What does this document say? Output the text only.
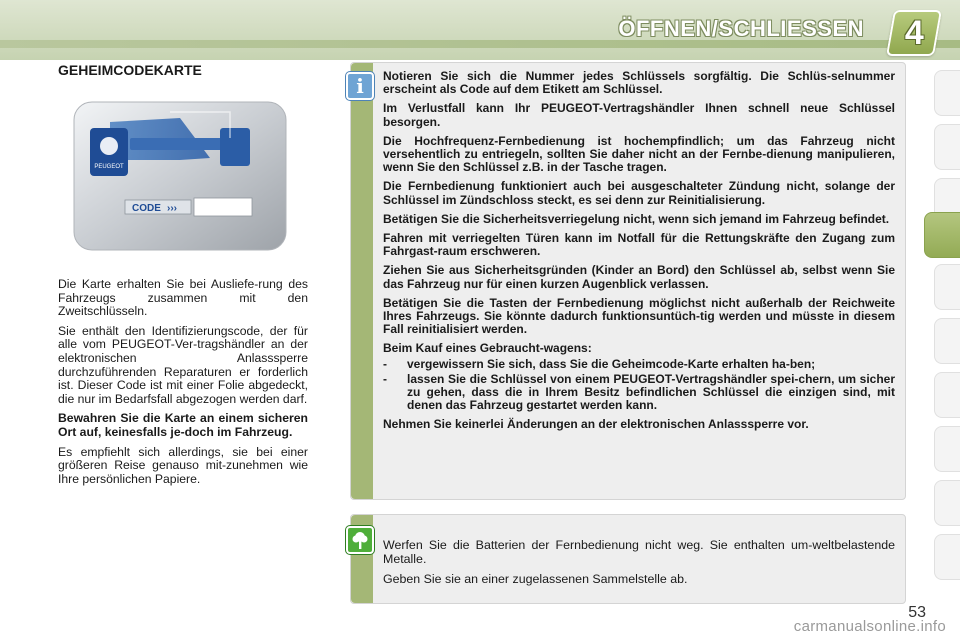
ÖFFNEN/SCHLIESSEN 4
GEHEIMCODEKARTE
PEUGEOT
CODE ›››

Die Karte erhalten Sie bei Ausliefe-rung des Fahrzeugs zusammen mit den Zweitschlüsseln.

Sie enthält den Identifizierungscode, der für alle vom PEUGEOT-Ver-tragshändler an der elektronischen Anlasssperre durchzuführenden Reparaturen er forderlich ist. Dieser Code ist mit einer Folie abgedeckt, die nur im Bedarfsfall abgezogen werden darf.

Bewahren Sie die Karte an einem sicheren Ort auf, keinesfalls je-doch im Fahrzeug.

Es empfiehlt sich allerdings, sie bei einer größeren Reise genauso mit-zunehmen wie Ihre persönlichen Papiere.

i	Notieren Sie sich die Nummer jedes Schlüssels sorgfältig. Die Schlüs-selnummer erscheint als Code auf dem Etikett am Schlüssel.

Im Verlustfall kann Ihr PEUGEOT-Vertragshändler Ihnen schnell neue Schlüssel besorgen.

Die Hochfrequenz-Fernbedienung ist hochempfindlich; um das Fahrzeug nicht versehentlich zu entriegeln, sollten Sie daher nicht an der Fernbe-dienung manipulieren, wenn Sie den Schlüssel z.B. in der Tasche tragen.

Die Fernbedienung funktioniert auch bei ausgeschalteter Zündung nicht, solange der Schlüssel im Zündschloss steckt, es sei denn zur Reinitialisierung.

Betätigen Sie die Sicherheitsverriegelung nicht, wenn sich jemand im Fahrzeug befindet.

Fahren mit verriegelten Türen kann im Notfall für die Rettungskräfte den Zugang zum Fahrgast-raum erschweren.

Ziehen Sie aus Sicherheitsgründen (Kinder an Bord) den Schlüssel ab, selbst wenn Sie das Fahrzeug nur für einen kurzen Augenblick verlassen.

Betätigen Sie die Tasten der Fernbedienung möglichst nicht außerhalb der Reichweite Ihres Fahrzeugs. Sie könnte dadurch funktionsuntüch-tig werden und müsste in diesem Fall reinitialisiert werden.

Beim Kauf eines Gebraucht-wagens:

- vergewissern Sie sich, dass Sie die Geheimcode-Karte erhalten ha-ben;
- lassen Sie die Schlüssel von einem PEUGEOT-Vertragshändler spei-chern, um sicher zu gehen, dass die in Ihrem Besitz befindlichen Schlüssel die einzigen sind, mit denen das Fahrzeug gestartet werden kann.

Nehmen Sie keinerlei Änderungen an der elektronischen Anlasssperre vor.

Werfen Sie die Batterien der Fernbedienung nicht weg. Sie enthalten um-weltbelastende Metalle.

Geben Sie sie an einer zugelassenen Sammelstelle ab.

53
carmanualsonline.info
